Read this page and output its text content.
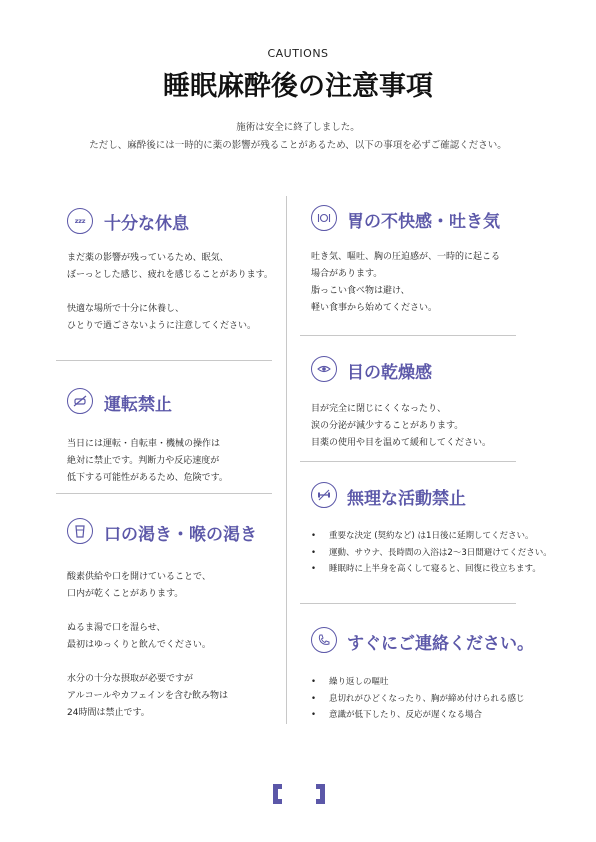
CAUTIONS
睡眠麻酔後の注意事項
施術は安全に終了しました。
ただし、麻酔後には一時的に薬の影響が残ることがあるため、以下の事項を必ずご確認ください。
zzz 十分な休息
まだ薬の影響が残っているため、眠気、
ぼーっとした感じ、疲れを感じることがあります。
快適な場所で十分に休養し、
ひとりで過ごさないように注意してください。
運転禁止
当日には運転・自転車・機械の操作は
絶対に禁止です。判断力や反応速度が
低下する可能性があるため、危険です。
口の渇き・喉の渇き
酸素供給や口を開けていることで、
口内が乾くことがあります。
ぬるま湯で口を湿らせ、
最初はゆっくりと飲んでください。
水分の十分な摂取が必要ですが
アルコールやカフェインを含む飲み物は
24時間は禁止です。
胃の不快感・吐き気
吐き気、嘔吐、胸の圧迫感が、一時的に起こる
場合があります。
脂っこい食べ物は避け、
軽い食事から始めてください。
目の乾燥感
目が完全に閉じにくくなったり、
涙の分泌が減少することがあります。
目薬の使用や目を温めて緩和してください。
無理な活動禁止
• 重要な決定 (契約など) は1日後に延期してください。
• 運動、サウナ、長時間の入浴は2〜3日間避けてください。
• 睡眠時に上半身を高くして寝ると、回復に役立ちます。
すぐにご連絡ください。
• 繰り返しの嘔吐
• 息切れがひどくなったり、胸が締め付けられる感じ
• 意識が低下したり、反応が遅くなる場合
